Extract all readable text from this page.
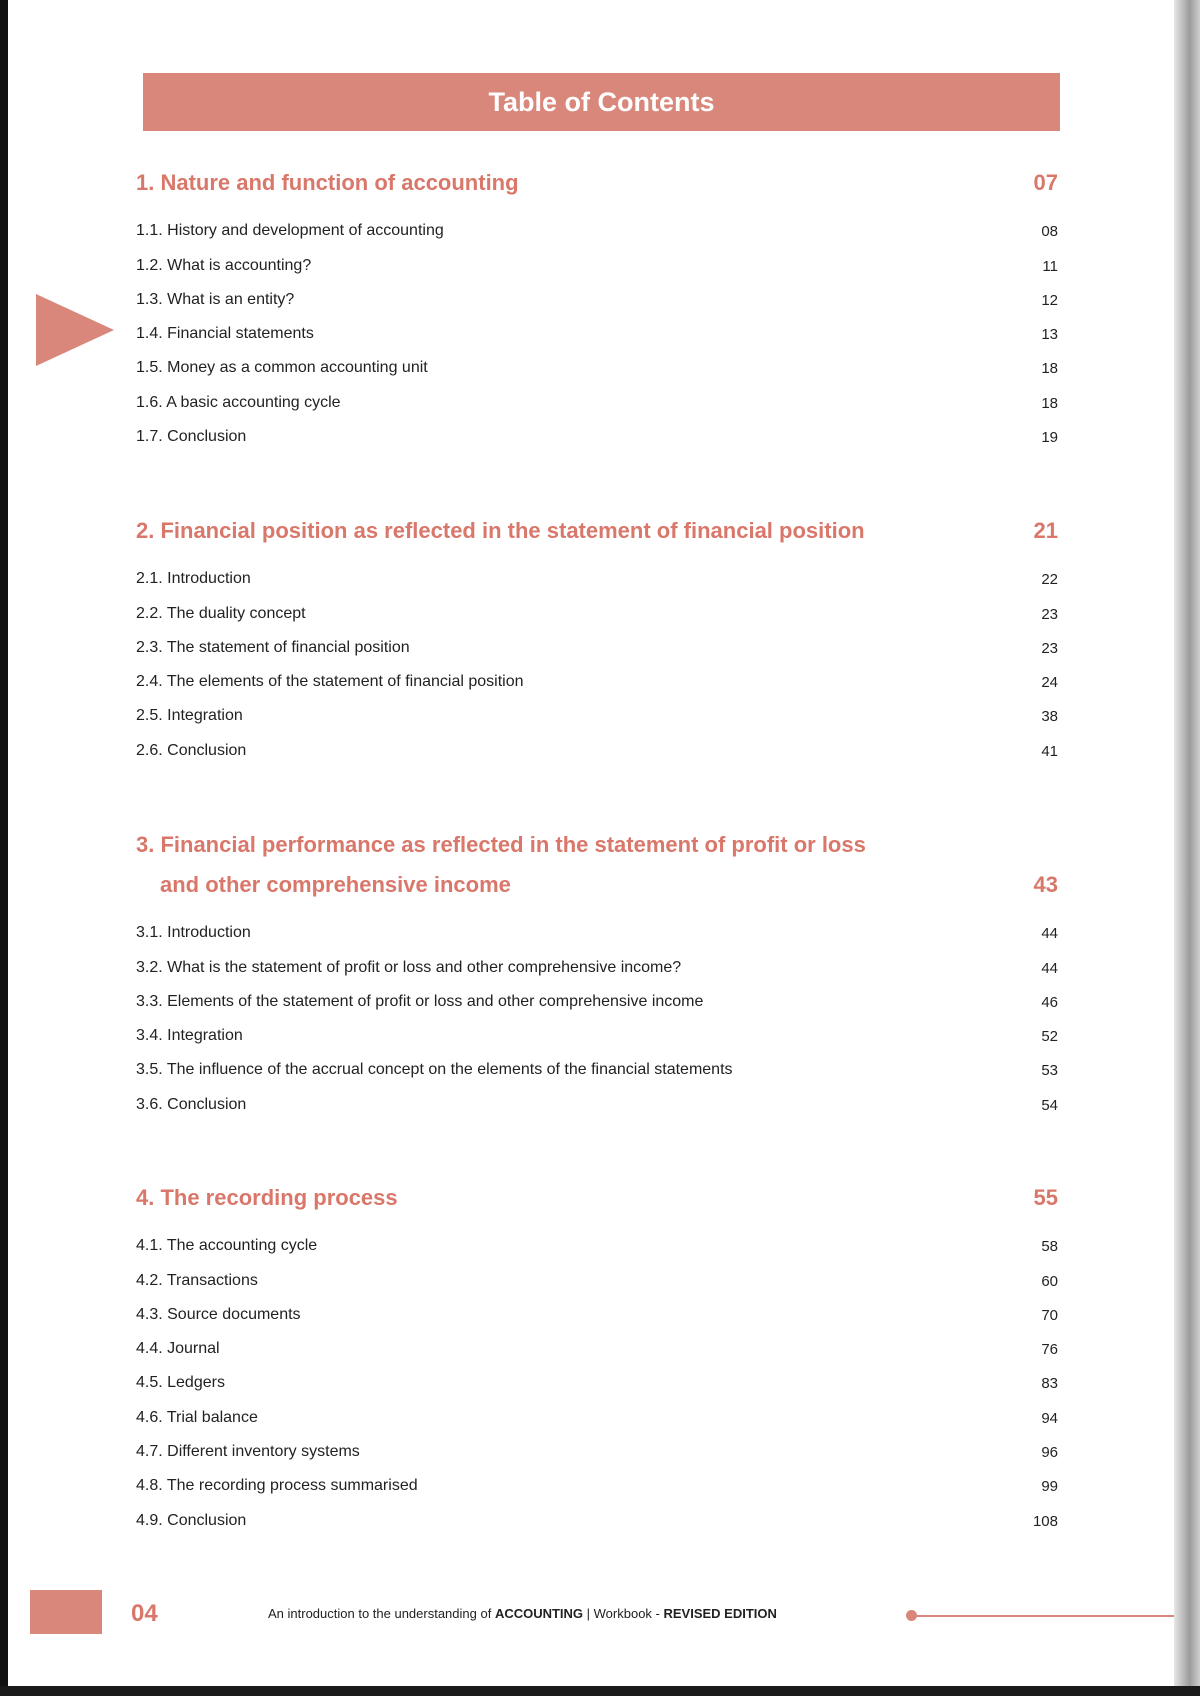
Table of Contents
1. Nature and function of accounting	07
1.1. History and development of accounting	08
1.2. What is accounting?	11
1.3. What is an entity?	12
1.4. Financial statements	13
1.5. Money as a common accounting unit	18
1.6. A basic accounting cycle	18
1.7. Conclusion	19
2. Financial position as reflected in the statement of financial position	21
2.1. Introduction	22
2.2. The duality concept	23
2.3. The statement of financial position	23
2.4. The elements of the statement of financial position	24
2.5. Integration	38
2.6. Conclusion	41
3. Financial performance as reflected in the statement of profit or loss
and other comprehensive income	43
3.1. Introduction	44
3.2. What is the statement of profit or loss and other comprehensive income?	44
3.3. Elements of the statement of profit or loss and other comprehensive income	46
3.4. Integration	52
3.5. The influence of the accrual concept on the elements of the financial statements	53
3.6. Conclusion	54
4. The recording process	55
4.1. The accounting cycle	58
4.2. Transactions	60
4.3. Source documents	70
4.4. Journal	76
4.5. Ledgers	83
4.6. Trial balance	94
4.7. Different inventory systems	96
4.8. The recording process summarised	99
4.9. Conclusion	108
04	An introduction to the understanding of ACCOUNTING | Workbook - REVISED EDITION
